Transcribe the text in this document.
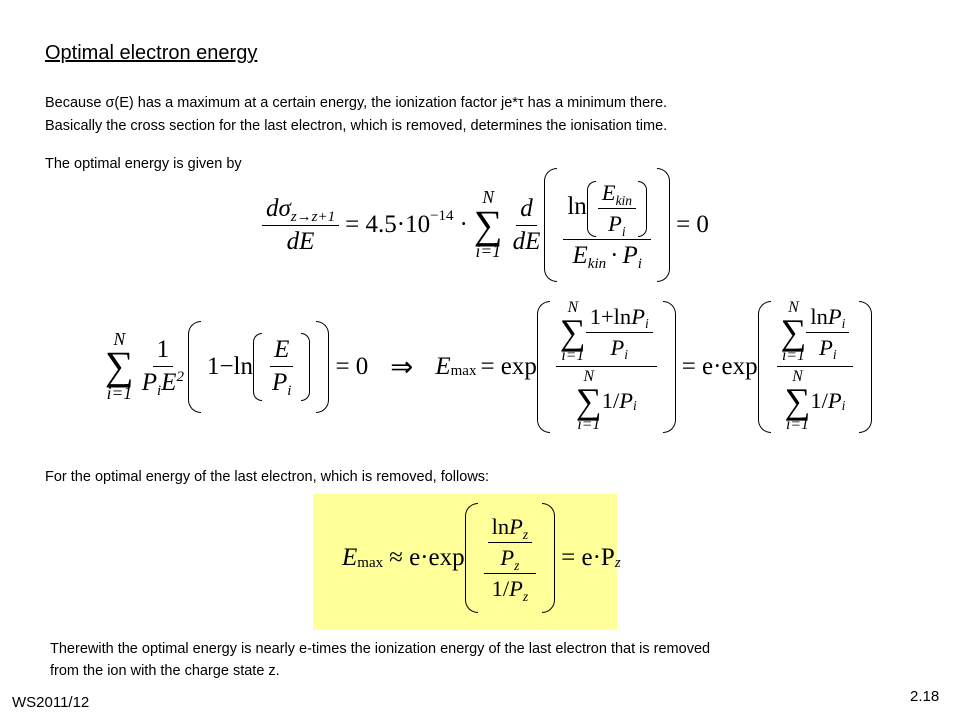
Optimal electron energy
Because σ(E) has a maximum at a certain energy, the ionization factor je*τ has a minimum there.
Basically the cross section for the last electron, which is removed, determines the ionisation time.
The optimal energy is given by
$\frac{d\sigma_{z\to z+1}}{dE} = 4.5\cdot 10 -14$ ·
N
∑
$i=1 \frac{d}{dE} \frac{\ln \frac{E_{kin}}{P_i}}{E_{kin} \cdot P_i} = 0$
N
∑
$i=1 \frac{1}{P_iE^2} 1-\ln \frac{E}{P_i} = 0$ ⇒ E max = exp N
∑
$i=1 \frac{1+\ln P_i}{P_i}$
N
∑
i=1
1 / P i = e·exp N
∑
$i=1 \frac{\ln P_i}{P_i}$
N
∑
i=1
1 / P i
For the optimal energy of the last electron, which is removed, follows:
E $\max \approx e\cdot\exp \frac{\frac{\ln P_z}{P_z}}{1/P_z} = e\cdot P$ z
Therewith the optimal energy is nearly e-times the ionization energy of the last electron that is removed
from the ion with the charge state z.
WS2011/12	2.18
